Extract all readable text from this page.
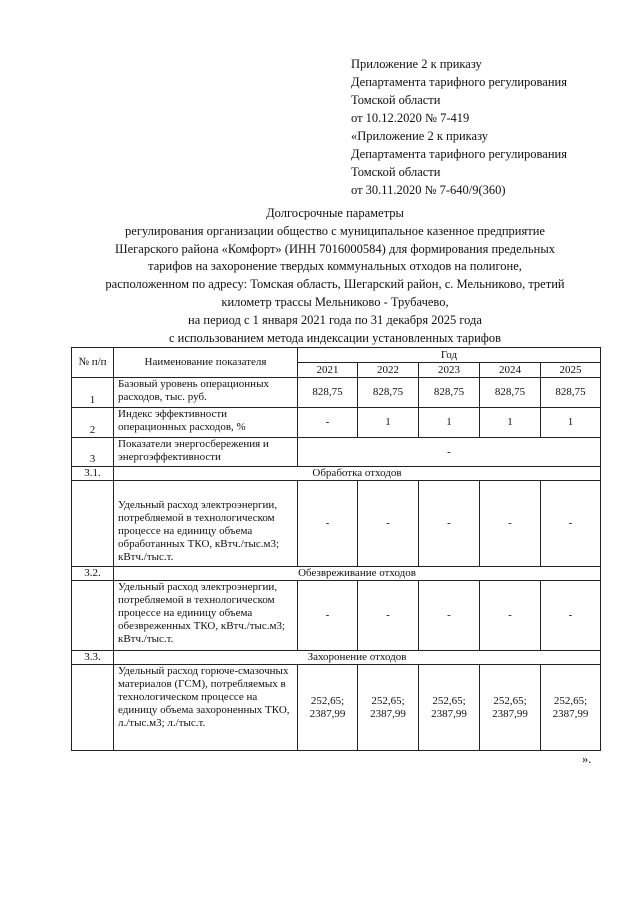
Приложение 2 к приказу
Департамента тарифного регулирования
Томской области
от 10.12.2020 № 7-419
«Приложение 2 к приказу
Департамента тарифного регулирования
Томской области
от 30.11.2020 № 7-640/9(360)
Долгосрочные параметры
регулирования организации общество с муниципальное казенное предприятие
Шегарского района «Комфорт» (ИНН 7016000584) для формирования предельных
тарифов на захоронение твердых коммунальных отходов на полигоне,
расположенном по адресу: Томская область, Шегарский район, с. Мельниково, третий
километр трассы Мельниково - Трубачево,
на период с 1 января 2021 года по 31 декабря 2025 года
с использованием метода индексации установленных тарифов
№ п/п	Наименование показателя	Год				
		2021	2022	2023	2024	2025
1	Базовый уровень операционных расходов, тыс. руб.	828,75	828,75	828,75	828,75	828,75
2	Индекс эффективности операционных расходов, %	-	1	1	1	1
3	Показатели энергосбережения и энергоэффективности	-				
3.1.	Обработка отходов					
	Удельный расход электроэнергии, потребляемой в технологическом процессе на единицу объема обработанных ТКО, кВтч./тыс.м3; кВтч./тыс.т.	-	-	-	-	-
3.2.	Обезвреживание отходов					
	Удельный расход электроэнергии, потребляемой в технологическом процессе на единицу объема обезвреженных ТКО, кВтч./тыс.м3; кВтч./тыс.т.	-	-	-	-	-
3.3.	Захоронение отходов					
	Удельный расход горюче-смазочных материалов (ГСМ), потребляемых в технологическом процессе на единицу объема захороненных ТКО, л./тыс.м3; л./тыс.т.	252,65; 2387,99	252,65; 2387,99	252,65; 2387,99	252,65; 2387,99	252,65; 2387,99
».
